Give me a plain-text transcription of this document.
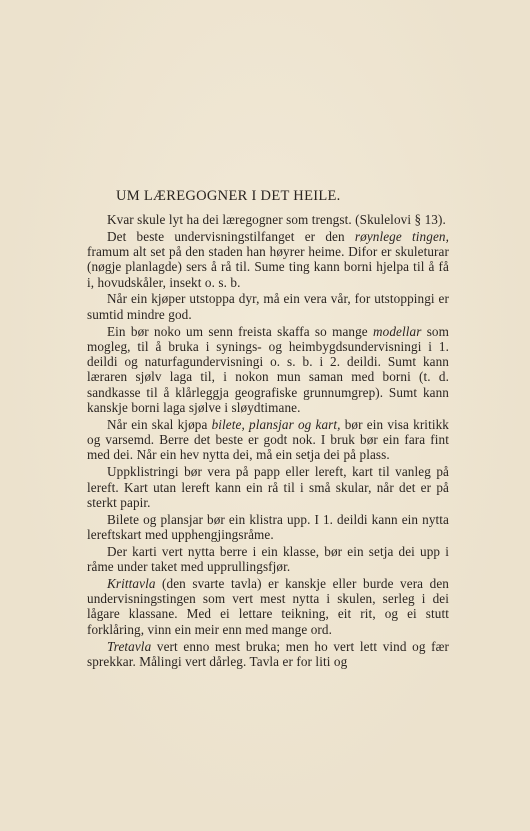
UM LÆREGOGNER I DET HEILE.

Kvar skule lyt ha dei læregogner som trengst. (Skulelovi § 13).

Det beste undervisningstilfanget er den røynlege tingen, framum alt set på den staden han høyrer heime. Difor er skuleturar (nøgje planlagde) sers å rå til. Sume ting kann borni hjelpa til å få i, hovudskåler, insekt o. s. b.

Når ein kjøper utstoppa dyr, må ein vera vår, for utstoppingi er sumtid mindre god.

Ein bør noko um senn freista skaffa so mange modellar som mogleg, til å bruka i synings- og heimbygdsundervisningi i 1. deildi og naturfagundervisningi o. s. b. i 2. deildi. Sumt kann læraren sjølv laga til, i nokon mun saman med borni (t. d. sandkasse til å klårleggja geografiske grunnumgrep). Sumt kann kanskje borni laga sjølve i sløydtimane.

Når ein skal kjøpa bilete, plansjar og kart, bør ein visa kritikk og varsemd. Berre det beste er godt nok. I bruk bør ein fara fint med dei. Når ein hev nytta dei, må ein setja dei på plass.

Uppklistringi bør vera på papp eller lereft, kart til vanleg på lereft. Kart utan lereft kann ein rå til i små skular, når det er på sterkt papir.

Bilete og plansjar bør ein klistra upp. I 1. deildi kann ein nytta lereftskart med upphengjingsråme.

Der karti vert nytta berre i ein klasse, bør ein setja dei upp i råme under taket med upprullingsfjør.

Krittavla (den svarte tavla) er kanskje eller burde vera den undervisningstingen som vert mest nytta i skulen, serleg i dei lågare klassane. Med ei lettare teikning, eit rit, og ei stutt forklåring, vinn ein meir enn med mange ord.

Tretavla vert enno mest bruka; men ho vert lett vind og fær sprekkar. Målingi vert dårleg. Tavla er for liti og
